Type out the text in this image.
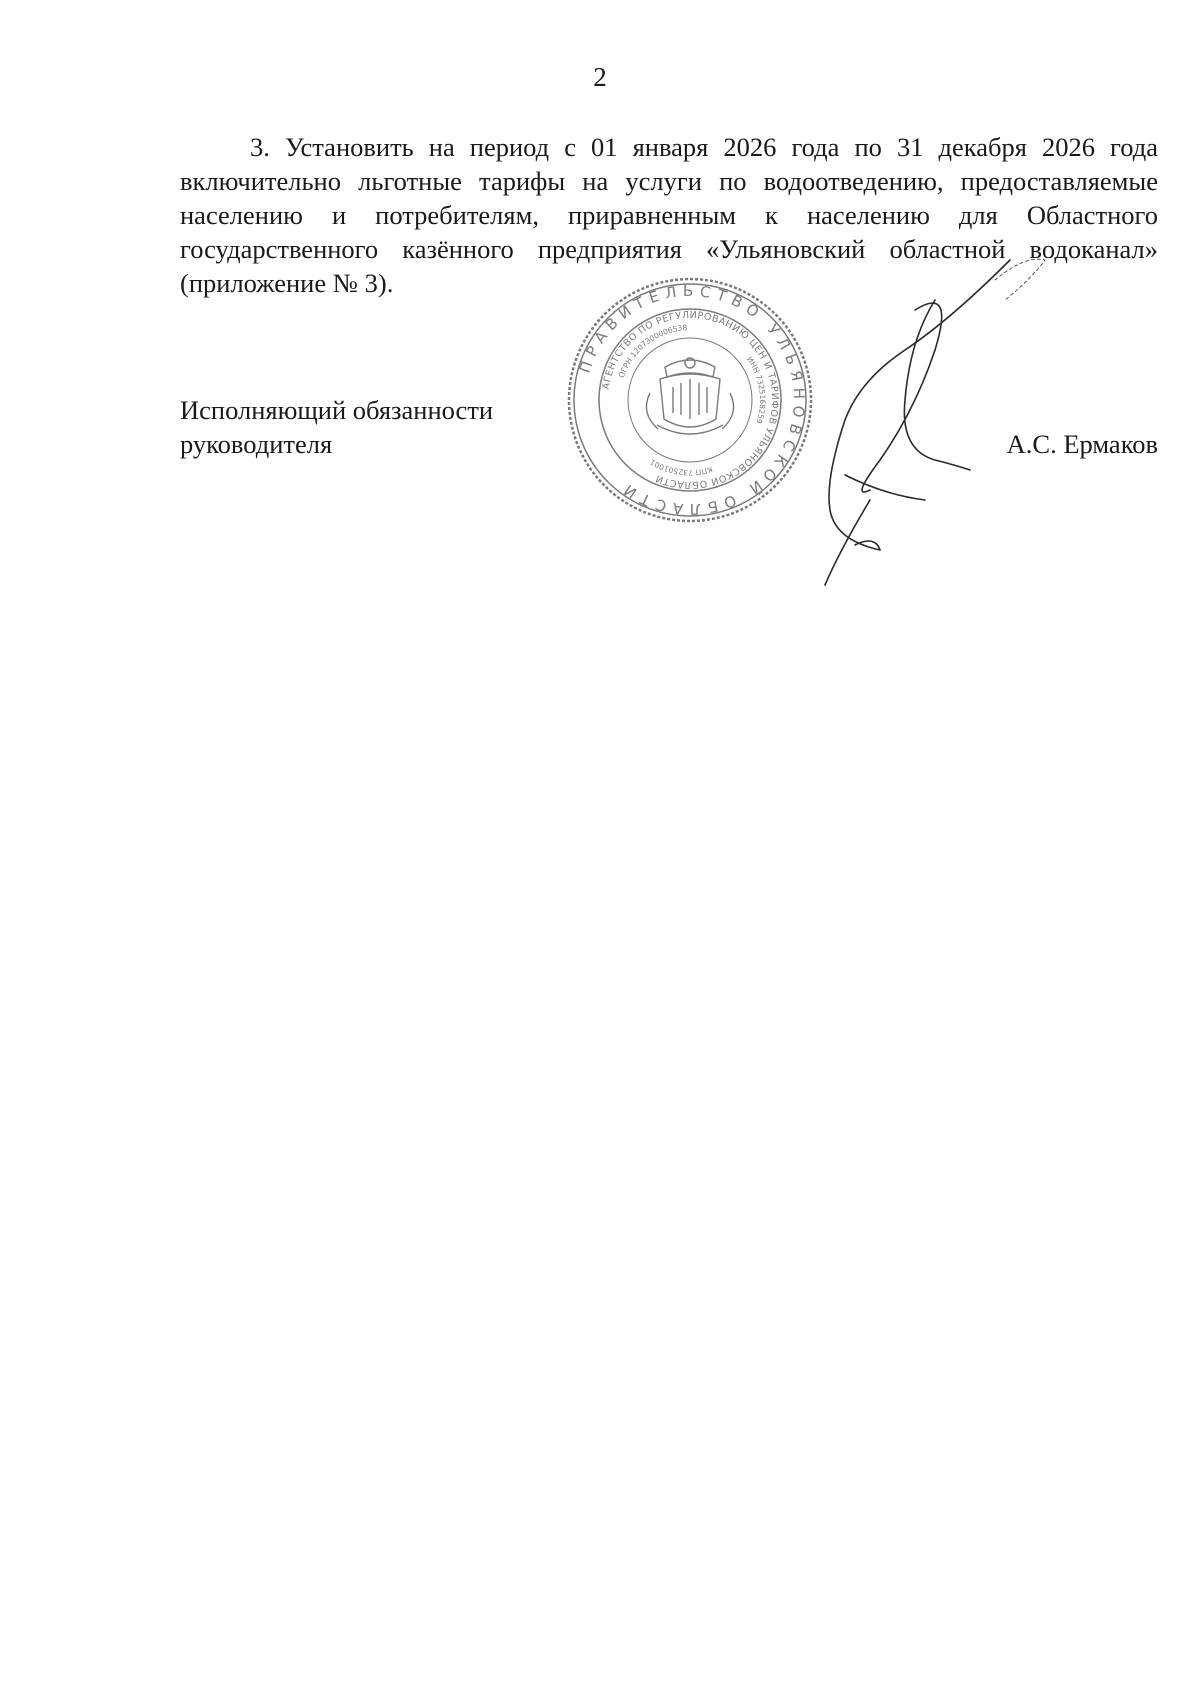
2

3. Установить на период с 01 января 2026 года по 31 декабря 2026 года включительно льготные тарифы на услуги по водоотведению, предоставляемые населению и потребителям, приравненным к населению для Областного государственного казённого предприятия «Ульяновский областной водоканал» (приложение № 3).

Исполняющий обязанности
руководителя
ПРАВИТЕЛЬСТВО УЛЬЯНОВСКОЙ ОБЛАСТИ
АГЕНТСТВО ПО РЕГУЛИРОВАНИЮ ЦЕН И ТАРИФОВ УЛЬЯНОВСКОЙ ОБЛАСТИ
ОГРН 1207300006538
ИНН 7325168259
КПП 732501001
А.С. Ермаков
